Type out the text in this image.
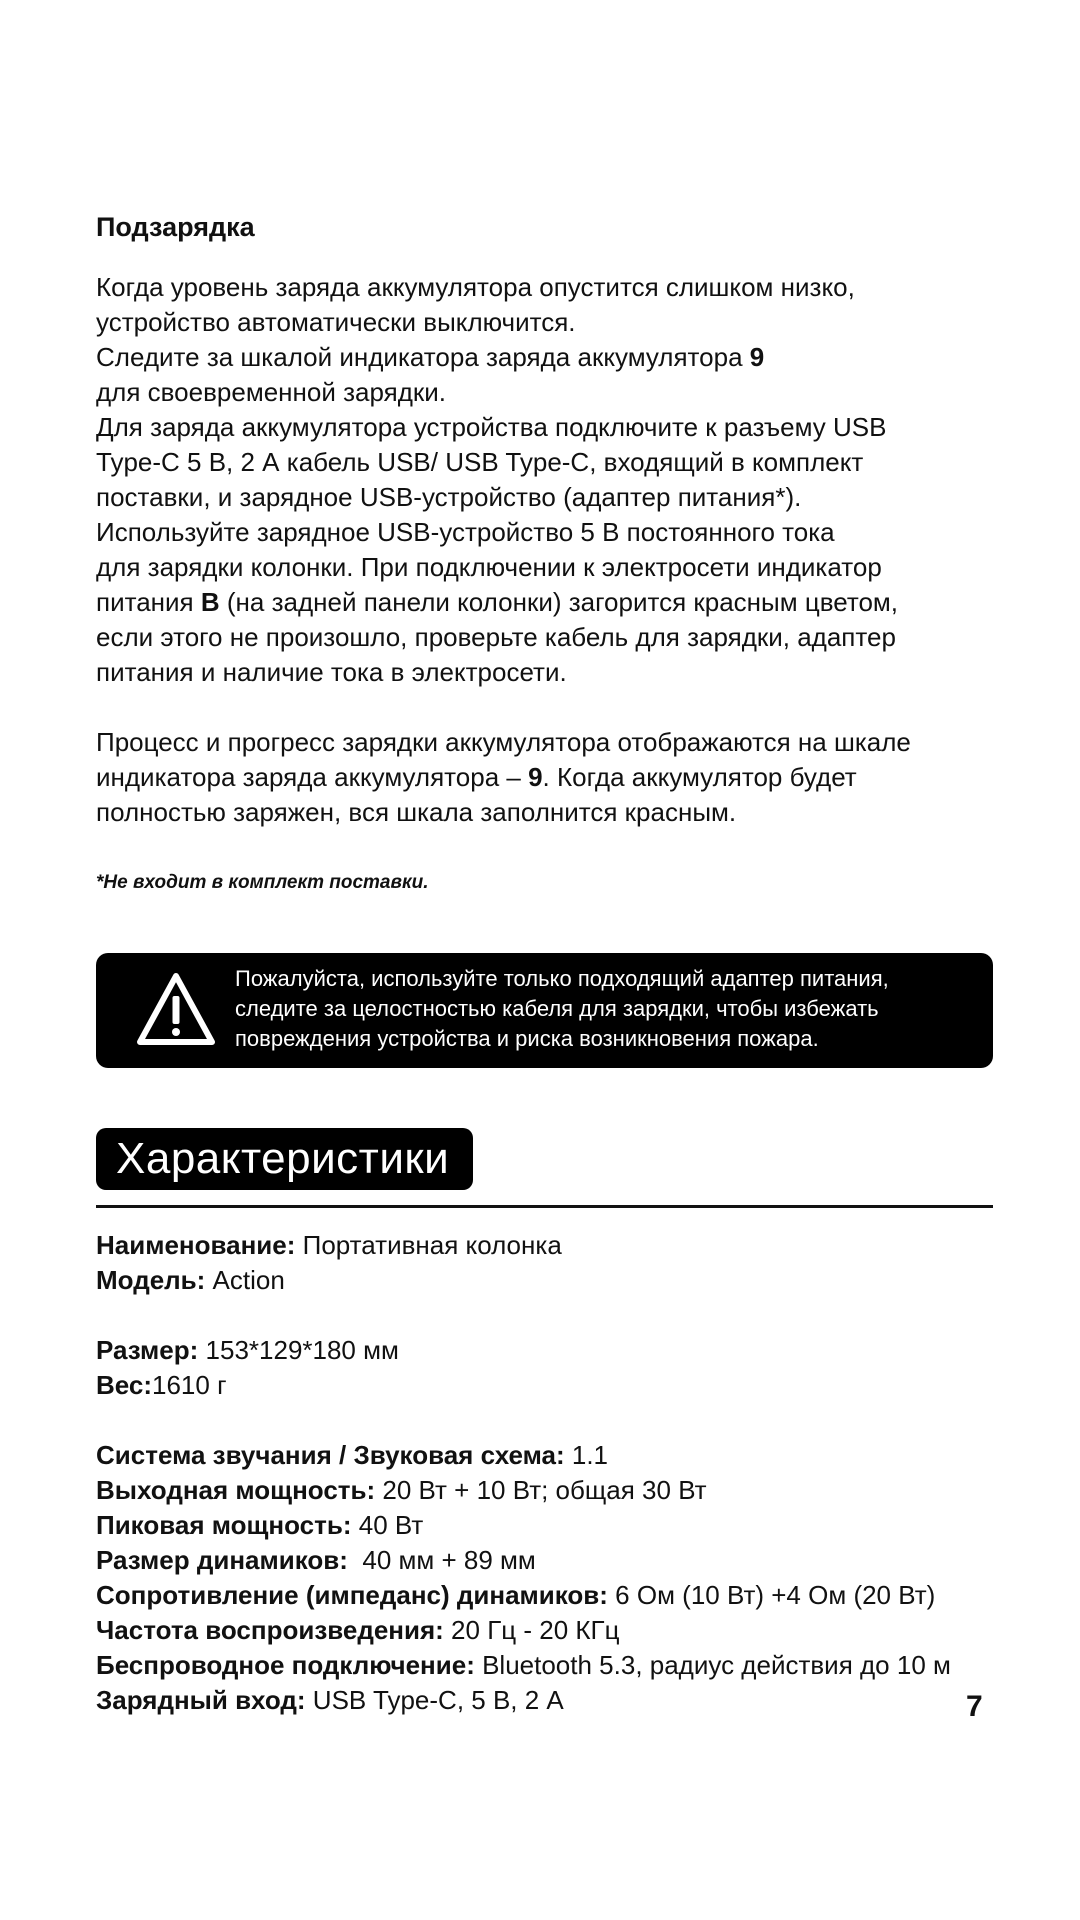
Подзарядка

Когда уровень заряда аккумулятора опустится слишком низко,

устройство автоматически выключится.

Следите за шкалой индикатора заряда аккумулятора 9

для своевременной зарядки.

Для заряда аккумулятора устройства подключите к разъему USB

Type-C 5 В, 2 А кабель USB/ USB Type-C, входящий в комплект

поставки, и зарядное USB-устройство (адаптер питания*).

Используйте зарядное USB-устройство 5 В постоянного тока

для зарядки колонки. При подключении к электросети индикатор

питания B (на задней панели колонки) загорится красным цветом,

если этого не произошло, проверьте кабель для зарядки, адаптер

питания и наличие тока в электросети.

Процесс и прогресс зарядки аккумулятора отображаются на шкале

индикатора заряда аккумулятора – 9. Когда аккумулятор будет

полностью заряжен, вся шкала заполнится красным.

*Не входит в комплект поставки.
Пожалуйста, используйте только подходящий адаптер питания,
следите за целостностью кабеля для зарядки, чтобы избежать
повреждения устройства и риска возникновения пожара.
Характеристики

Наименование: Портативная колонка

Модель: Action

Размер: 153*129*180 мм

Вес:1610 г

Система звучания / Звуковая схема: 1.1

Выходная мощность: 20 Вт + 10 Вт; общая 30 Вт

Пиковая мощность: 40 Вт

Размер динамиков:  40 мм + 89 мм

Сопротивление (импеданс) динамиков: 6 Ом (10 Вт) +4 Ом (20 Вт)

Частота воспроизведения: 20 Гц - 20 КГц

Беспроводное подключение: Bluetooth 5.3, радиус действия до 10 м

Зарядный вход: USB Type-C, 5 В, 2 А	7
